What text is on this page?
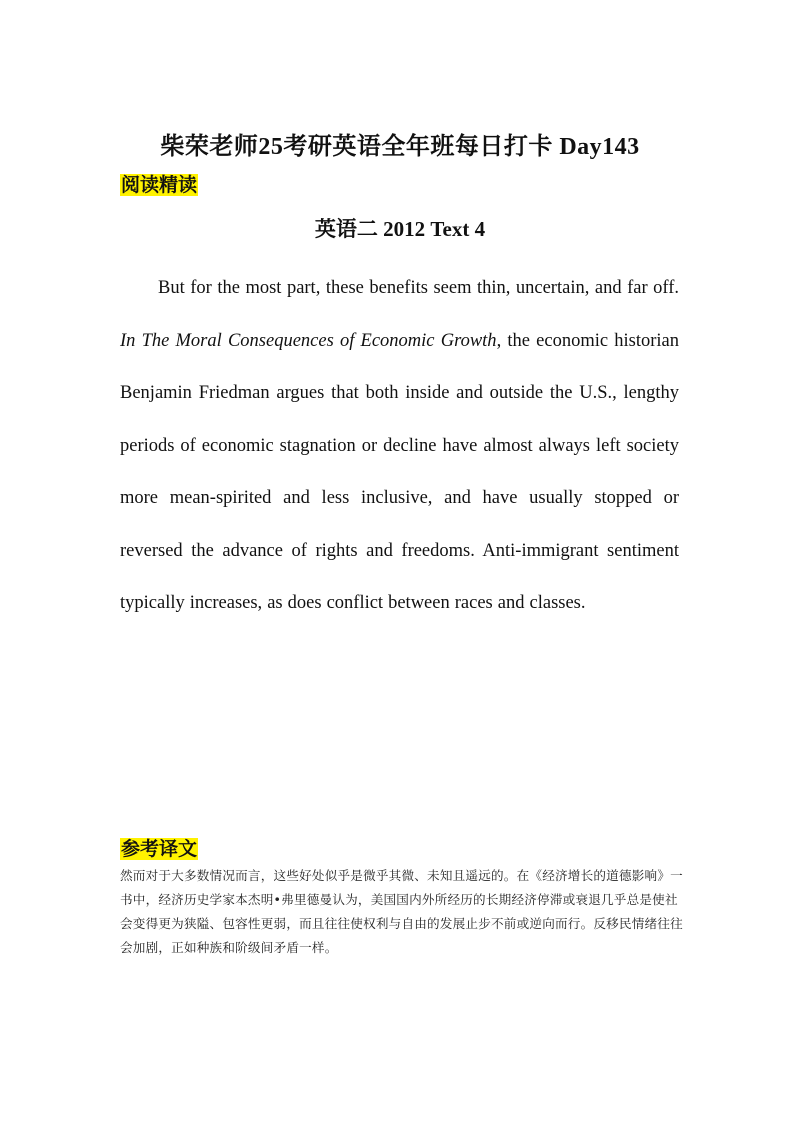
柴荣老师25考研英语全年班每日打卡 Day143
阅读精读
英语二 2012 Text 4
But for the most part, these benefits seem thin, uncertain, and far off. In The Moral Consequences of Economic Growth, the economic historian Benjamin Friedman argues that both inside and outside the U.S., lengthy periods of economic stagnation or decline have almost always left society more mean-spirited and less inclusive, and have usually stopped or reversed the advance of rights and freedoms. Anti-immigrant sentiment typically increases, as does conflict between races and classes.
参考译文
然而对于大多数情况而言，这些好处似乎是微乎其微、未知且遥远的。在《经济增长的道德影响》一书中，经济历史学家本杰明•弗里德曼认为，美国国内外所经历的长期经济停滞或衰退几乎总是使社会变得更为狭隘、包容性更弱，而且往往使权利与自由的发展止步不前或逆向而行。反移民情绪往往会加剧，正如种族和阶级间矛盾一样。
